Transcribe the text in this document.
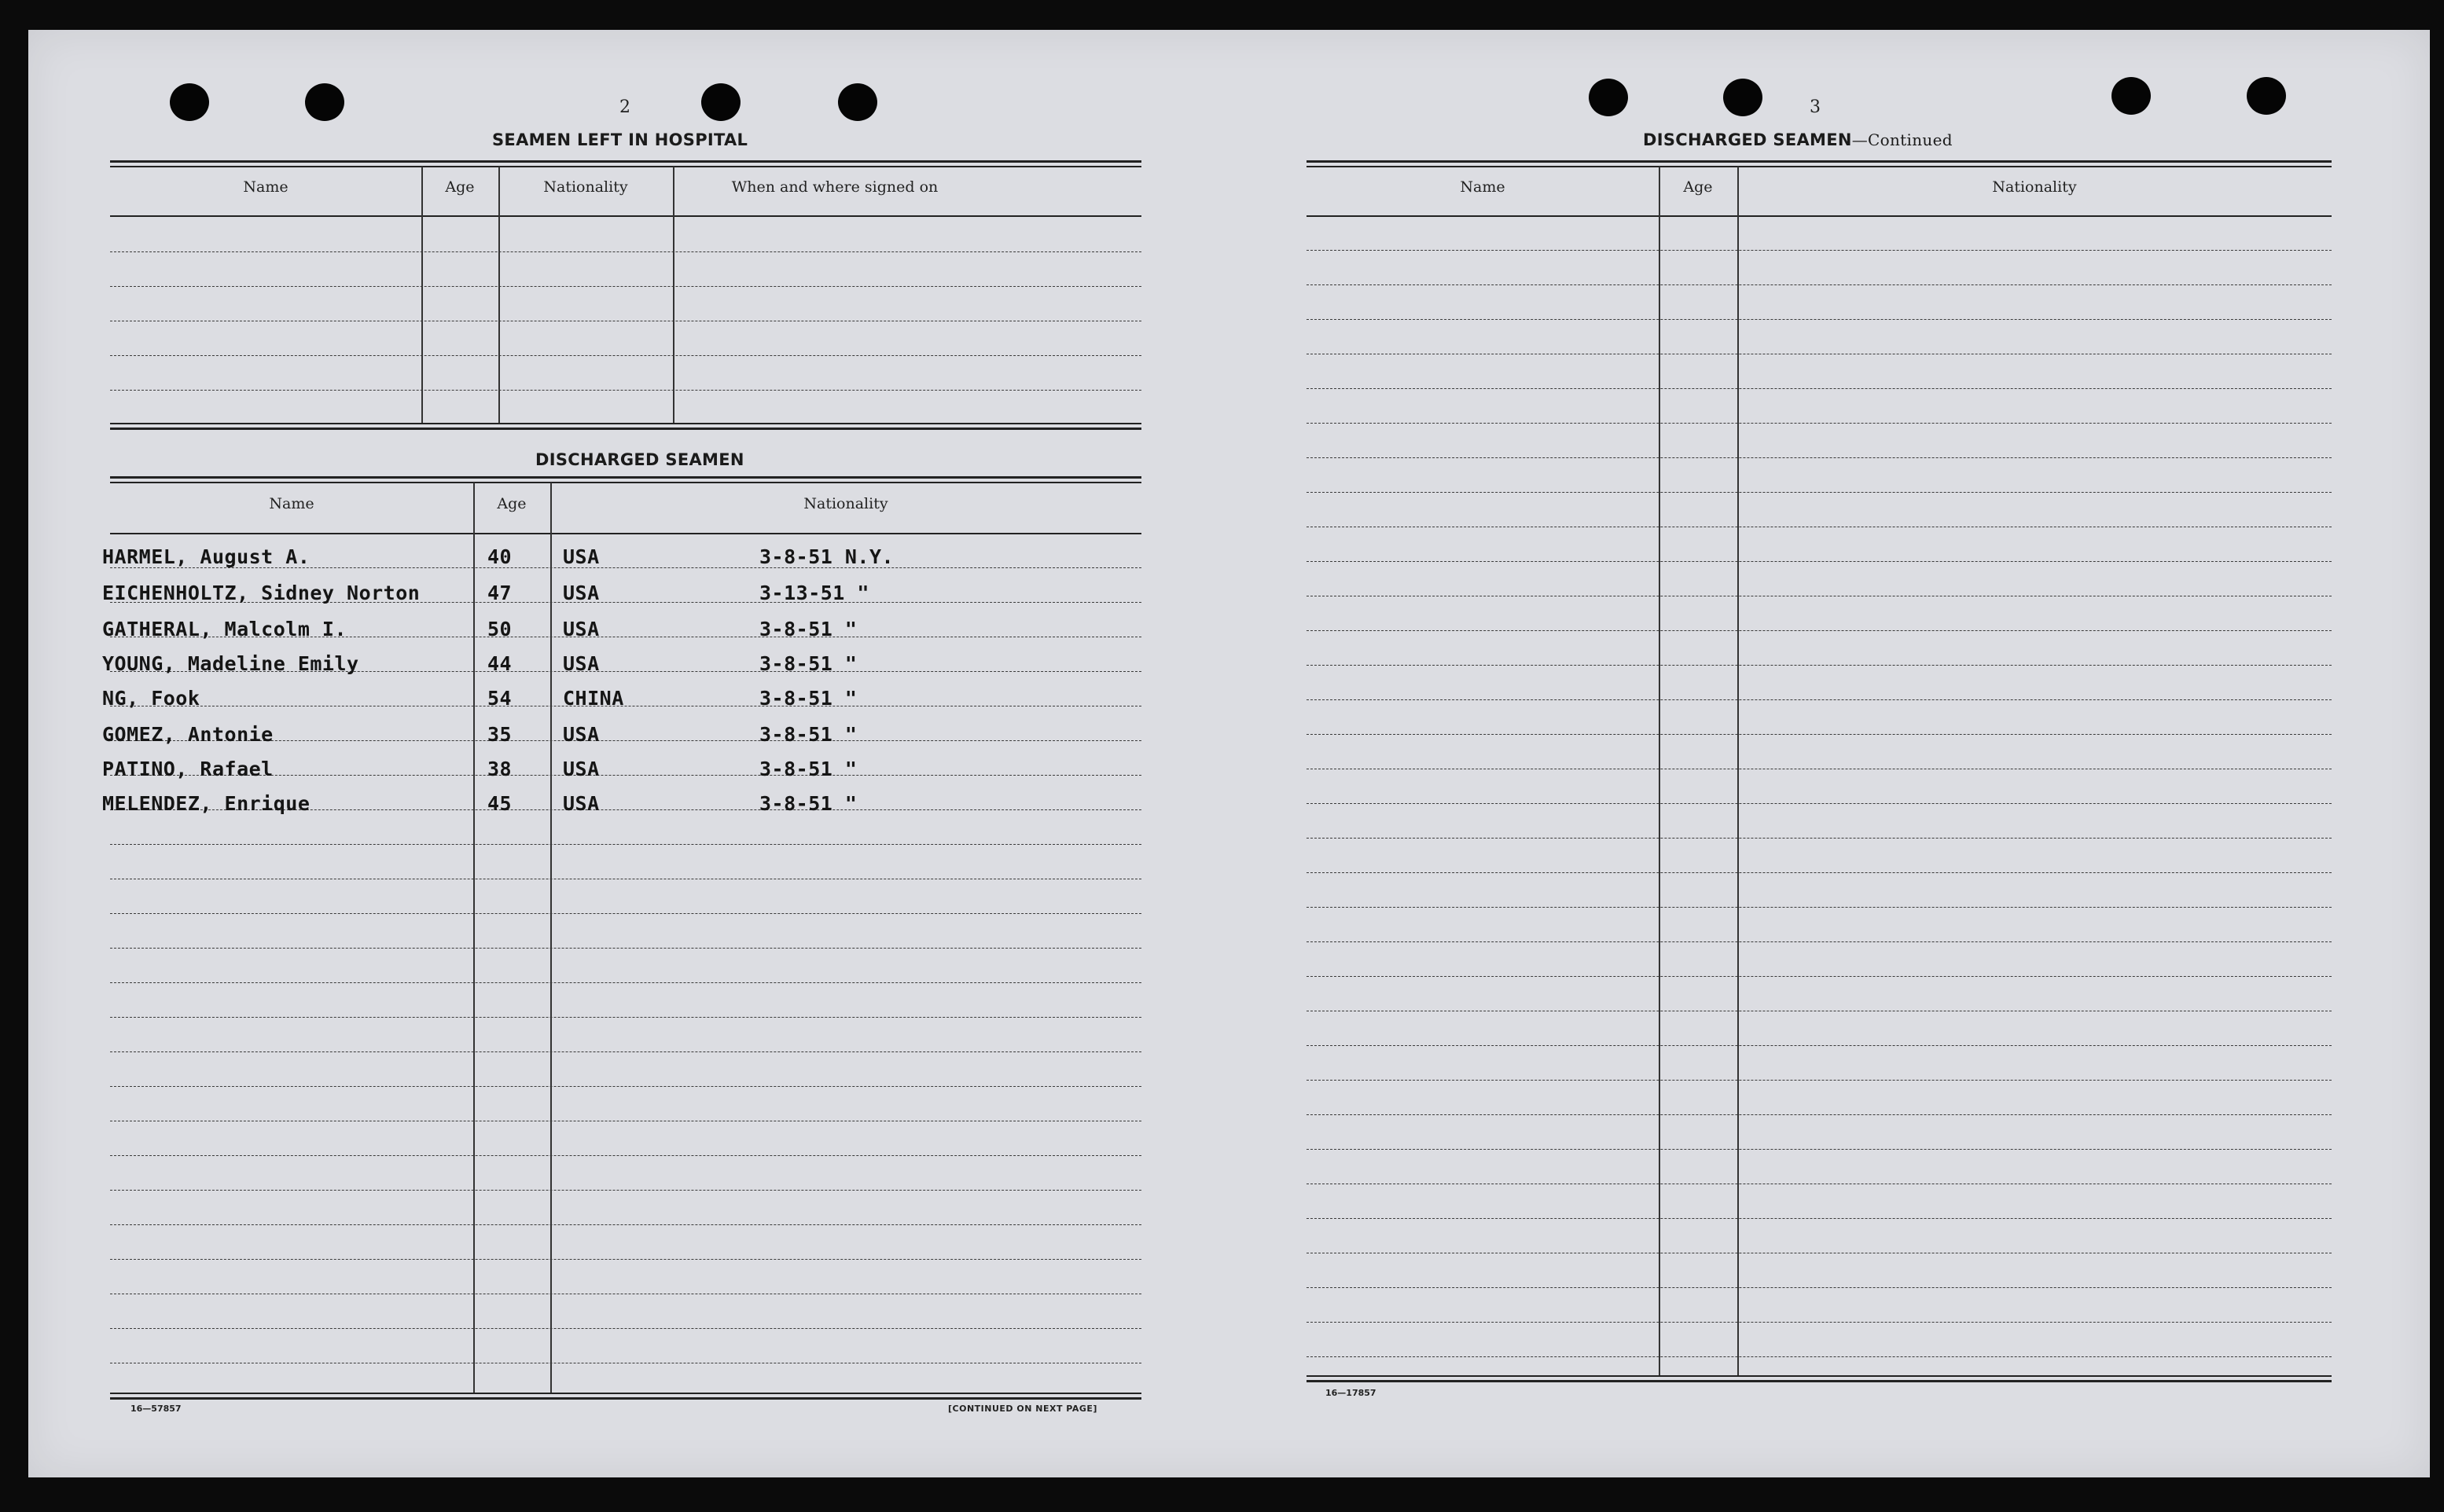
2
SEAMEN LEFT IN HOSPITAL
Name	Age	Nationality	When and where signed on
DISCHARGED SEAMEN
Name	Age	Nationality
HARMEL, August A.	40	USA	3-8-51 N.Y.
EICHENHOLTZ, Sidney Norton	47	USA	3-13-51 "
GATHERAL, Malcolm I.	50	USA	3-8-51 "
YOUNG, Madeline Emily	44	USA	3-8-51 "
NG, Fook	54	CHINA	3-8-51 "
GOMEZ, Antonie	35	USA	3-8-51 "
PATINO, Rafael	38	USA	3-8-51 "
MELENDEZ, Enrique	45	USA	3-8-51 "
16—57857	[CONTINUED ON NEXT PAGE]
3
DISCHARGED SEAMEN—Continued
Name	Age	Nationality
16—17857
